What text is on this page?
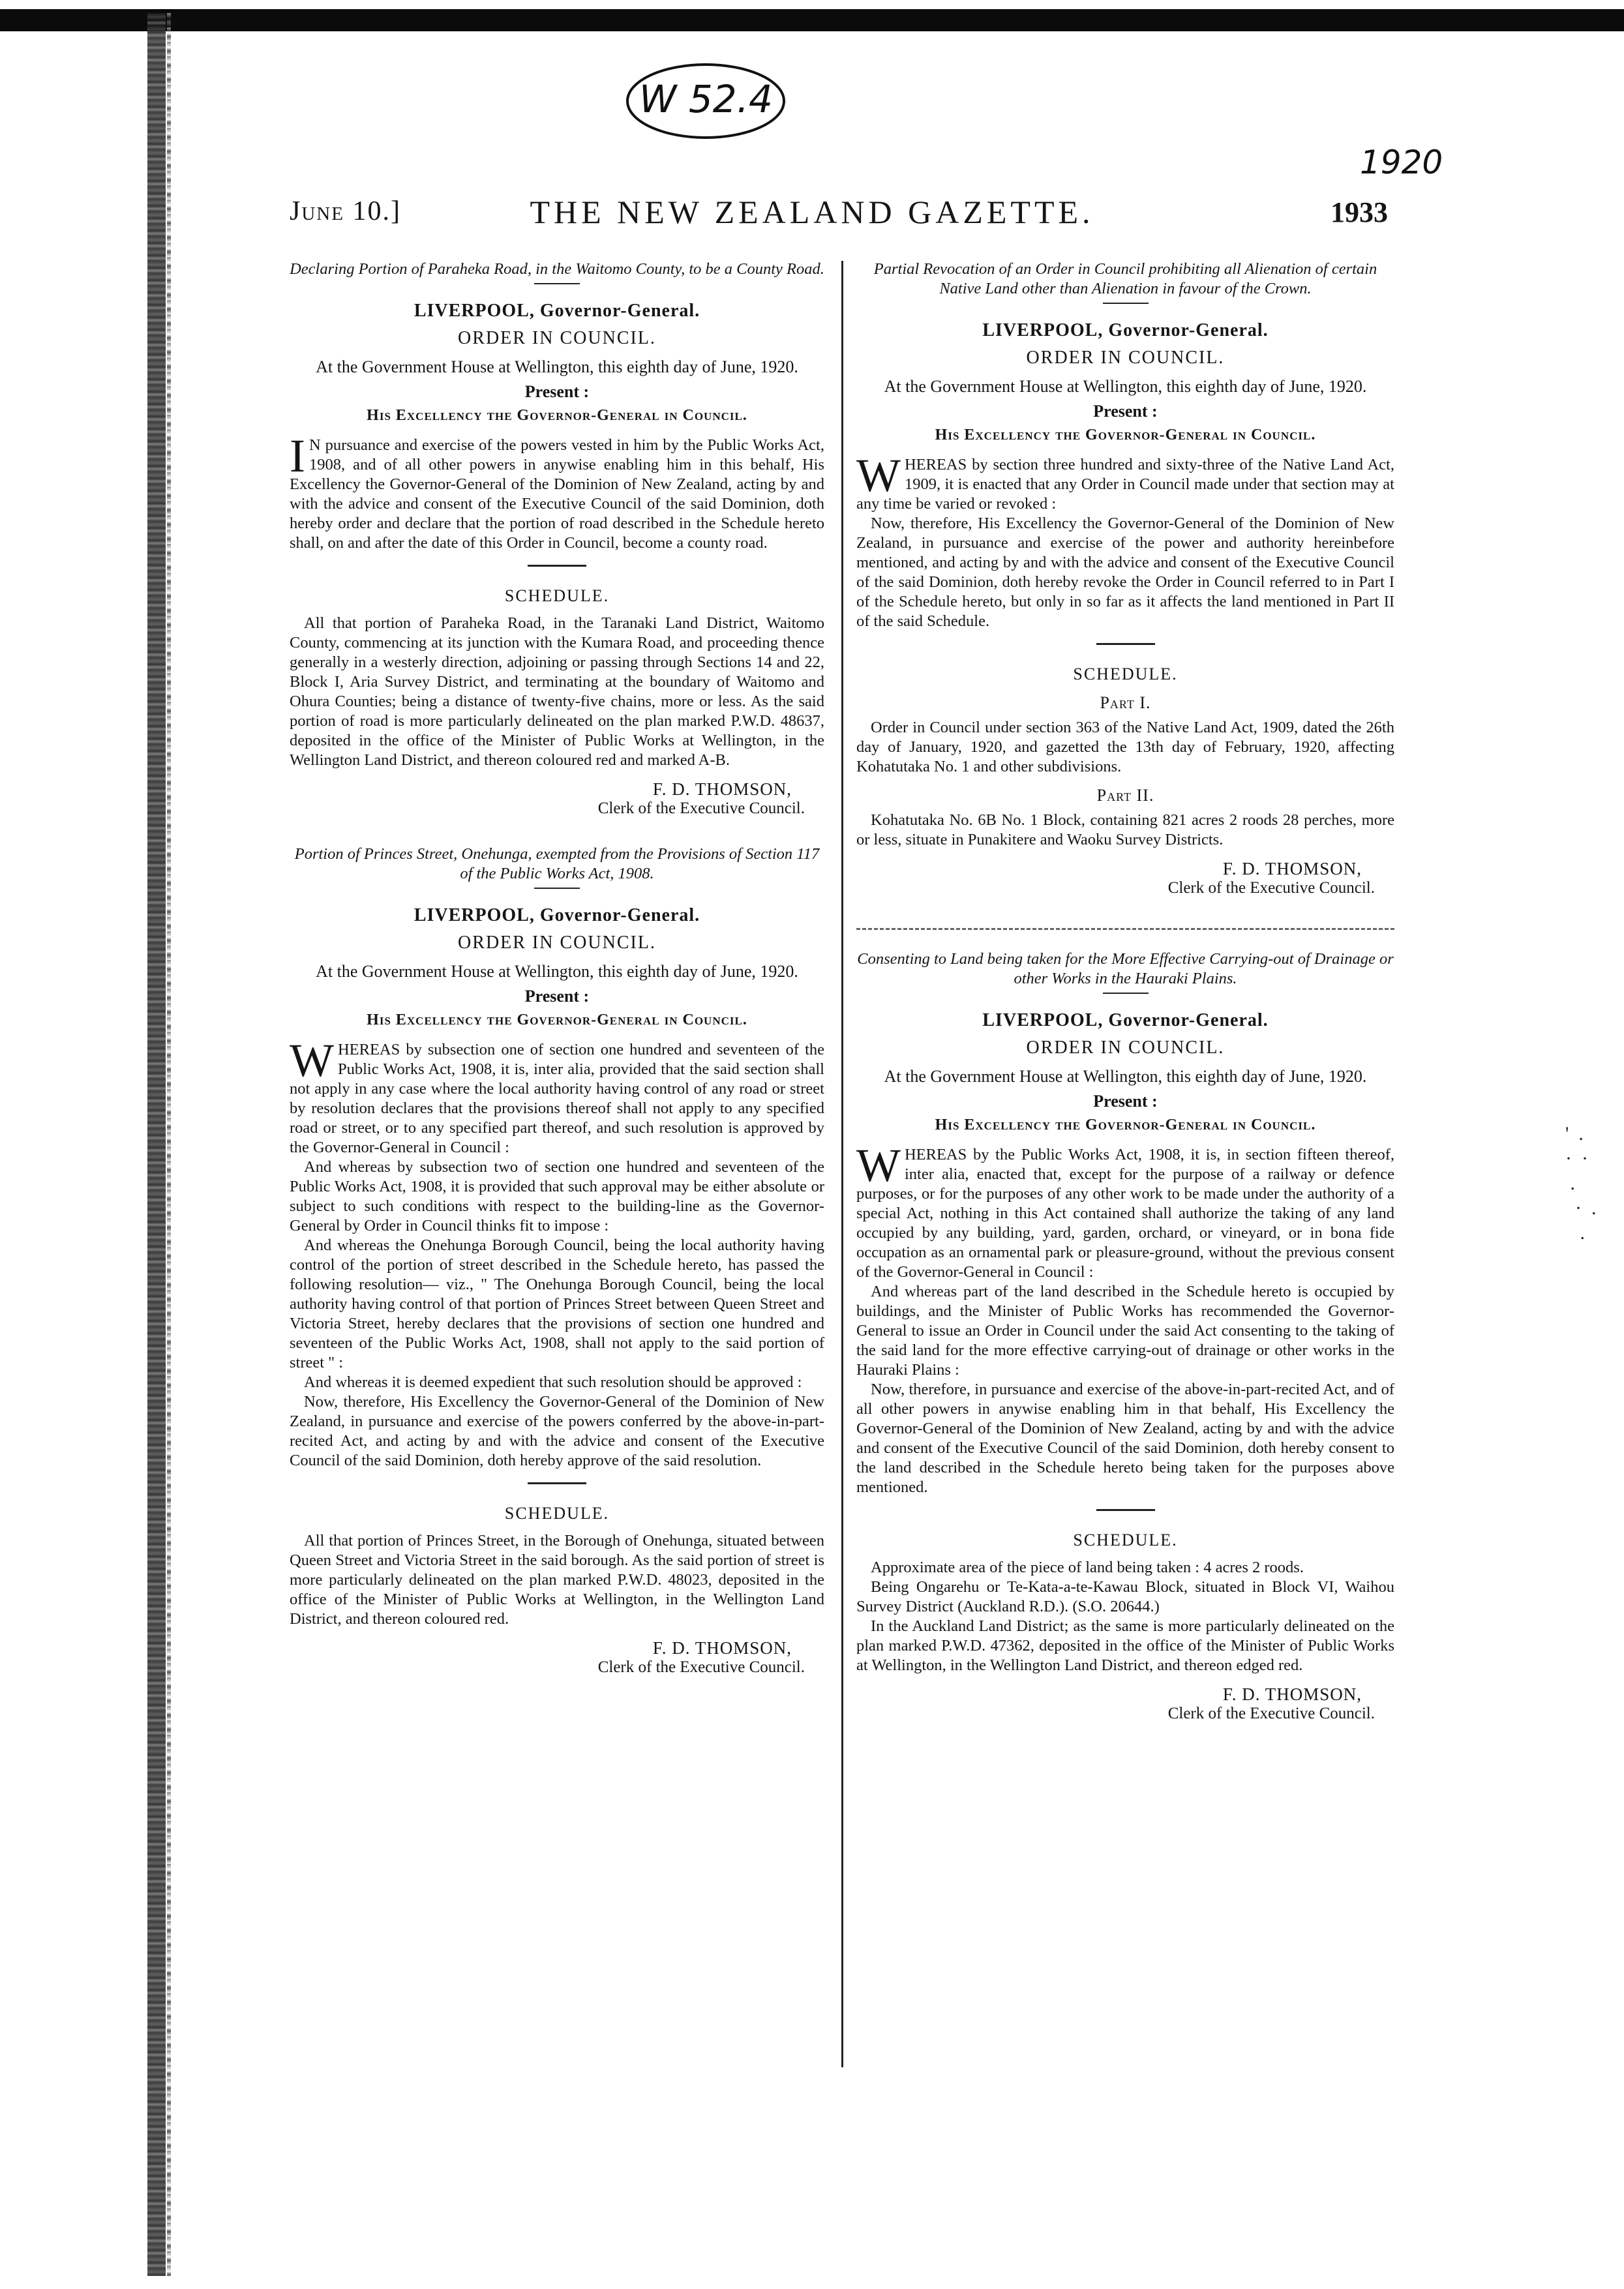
W 52.4
1920
June 10.]	THE NEW ZEALAND GAZETTE.	1933
'  .
·  ·
.
·  .
.

Declaring Portion of Paraheka Road, in the Waitomo County, to be a County Road.

LIVERPOOL, Governor-General.

ORDER IN COUNCIL.

At the Government House at Wellington, this eighth day of June, 1920.

Present :

His Excellency the Governor-General in Council.

IN pursuance and exercise of the powers vested in him by the Public Works Act, 1908, and of all other powers in anywise enabling him in this behalf, His Excellency the Governor-General of the Dominion of New Zealand, acting by and with the advice and consent of the Executive Council of the said Dominion, doth hereby order and declare that the portion of road described in the Schedule hereto shall, on and after the date of this Order in Council, become a county road.

SCHEDULE.

All that portion of Paraheka Road, in the Taranaki Land District, Waitomo County, commencing at its junction with the Kumara Road, and proceeding thence generally in a westerly direction, adjoining or passing through Sections 14 and 22, Block I, Aria Survey District, and terminating at the boundary of Waitomo and Ohura Counties; being a distance of twenty-five chains, more or less. As the said portion of road is more particularly delineated on the plan marked P.W.D. 48637, deposited in the office of the Minister of Public Works at Wellington, in the Wellington Land District, and thereon coloured red and marked A-B.

F. D. THOMSON,

Clerk of the Executive Council.

Portion of Princes Street, Onehunga, exempted from the Provisions of Section 117 of the Public Works Act, 1908.

LIVERPOOL, Governor-General.

ORDER IN COUNCIL.

At the Government House at Wellington, this eighth day of June, 1920.

Present :

His Excellency the Governor-General in Council.

WHEREAS by subsection one of section one hundred and seventeen of the Public Works Act, 1908, it is, inter alia, provided that the said section shall not apply in any case where the local authority having control of any road or street by resolution declares that the provisions thereof shall not apply to any specified road or street, or to any specified part thereof, and such resolution is approved by the Governor-General in Council :

And whereas by subsection two of section one hundred and seventeen of the Public Works Act, 1908, it is provided that such approval may be either absolute or subject to such conditions with respect to the building-line as the Governor-General by Order in Council thinks fit to impose :

And whereas the Onehunga Borough Council, being the local authority having control of the portion of street described in the Schedule hereto, has passed the following resolution— viz., " The Onehunga Borough Council, being the local authority having control of that portion of Princes Street between Queen Street and Victoria Street, hereby declares that the provisions of section one hundred and seventeen of the Public Works Act, 1908, shall not apply to the said portion of street " :

And whereas it is deemed expedient that such resolution should be approved :

Now, therefore, His Excellency the Governor-General of the Dominion of New Zealand, in pursuance and exercise of the powers conferred by the above-in-part-recited Act, and acting by and with the advice and consent of the Executive Council of the said Dominion, doth hereby approve of the said resolution.

SCHEDULE.

All that portion of Princes Street, in the Borough of Onehunga, situated between Queen Street and Victoria Street in the said borough. As the said portion of street is more particularly delineated on the plan marked P.W.D. 48023, deposited in the office of the Minister of Public Works at Wellington, in the Wellington Land District, and thereon coloured red.

F. D. THOMSON,

Clerk of the Executive Council.

Partial Revocation of an Order in Council prohibiting all Alienation of certain Native Land other than Alienation in favour of the Crown.

LIVERPOOL, Governor-General.

ORDER IN COUNCIL.

At the Government House at Wellington, this eighth day of June, 1920.

Present :

His Excellency the Governor-General in Council.

WHEREAS by section three hundred and sixty-three of the Native Land Act, 1909, it is enacted that any Order in Council made under that section may at any time be varied or revoked :

Now, therefore, His Excellency the Governor-General of the Dominion of New Zealand, in pursuance and exercise of the power and authority hereinbefore mentioned, and acting by and with the advice and consent of the Executive Council of the said Dominion, doth hereby revoke the Order in Council referred to in Part I of the Schedule hereto, but only in so far as it affects the land mentioned in Part II of the said Schedule.

SCHEDULE.

Part I.

Order in Council under section 363 of the Native Land Act, 1909, dated the 26th day of January, 1920, and gazetted the 13th day of February, 1920, affecting Kohatutaka No. 1 and other subdivisions.

Part II.

Kohatutaka No. 6B No. 1 Block, containing 821 acres 2 roods 28 perches, more or less, situate in Punakitere and Waoku Survey Districts.

F. D. THOMSON,

Clerk of the Executive Council.

Consenting to Land being taken for the More Effective Carrying-out of Drainage or other Works in the Hauraki Plains.

LIVERPOOL, Governor-General.

ORDER IN COUNCIL.

At the Government House at Wellington, this eighth day of June, 1920.

Present :

His Excellency the Governor-General in Council.

WHEREAS by the Public Works Act, 1908, it is, in section fifteen thereof, inter alia, enacted that, except for the purpose of a railway or defence purposes, or for the purposes of any other work to be made under the authority of a special Act, nothing in this Act contained shall authorize the taking of any land occupied by any building, yard, garden, orchard, or vineyard, or in bona fide occupation as an ornamental park or pleasure-ground, without the previous consent of the Governor-General in Council :

And whereas part of the land described in the Schedule hereto is occupied by buildings, and the Minister of Public Works has recommended the Governor-General to issue an Order in Council under the said Act consenting to the taking of the said land for the more effective carrying-out of drainage or other works in the Hauraki Plains :

Now, therefore, in pursuance and exercise of the above-in-part-recited Act, and of all other powers in anywise enabling him in that behalf, His Excellency the Governor-General of the Dominion of New Zealand, acting by and with the advice and consent of the Executive Council of the said Dominion, doth hereby consent to the land described in the Schedule hereto being taken for the purposes above mentioned.

SCHEDULE.

Approximate area of the piece of land being taken : 4 acres 2 roods.

Being Ongarehu or Te-Kata-a-te-Kawau Block, situated in Block VI, Waihou Survey District (Auckland R.D.). (S.O. 20644.)

In the Auckland Land District; as the same is more particularly delineated on the plan marked P.W.D. 47362, deposited in the office of the Minister of Public Works at Wellington, in the Wellington Land District, and thereon edged red.

F. D. THOMSON,

Clerk of the Executive Council.
